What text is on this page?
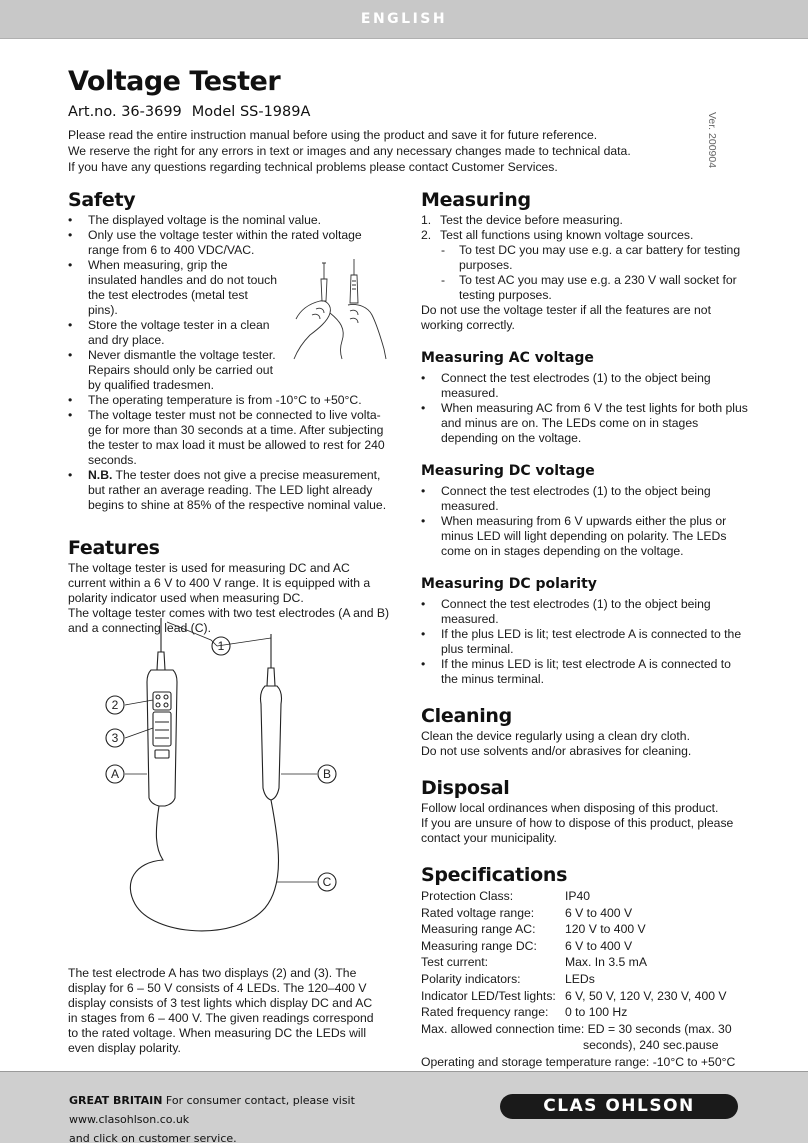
ENGLISH
Ver. 200904
Voltage Tester
Art.no. 36-3699 Model SS-1989A

Please read the entire instruction manual before using the product and save it for future reference.

We reserve the right for any errors in text or images and any necessary changes made to technical data.

If you have any questions regarding technical problems please contact Customer Services.

Safety
• The displayed voltage is the nominal value.
• Only use the voltage tester within the rated voltage range from 6 to 400 VDC/VAC.
• When measuring, grip the insulated handles and do not touch the test electrodes (metal test pins).
• Store the voltage tester in a clean and dry place.
• Never dismantle the voltage tester. Repairs should only be carried out by qualified tradesmen.
• The operating temperature is from -10°C to +50°C.
• The voltage tester must not be connected to live volta-ge for more than 30 seconds at a time. After subjecting the tester to max load it must be allowed to rest for 240 seconds.
• N.B. The tester does not give a precise measurement, but rather an average reading. The LED light already begins to shine at 85% of the respective nominal value.
Features

The voltage tester is used for measuring DC and AC current within a 6 V to 400 V range. It is equipped with a polarity indicator used when measuring DC.

The voltage tester comes with two test electrodes (A and B) and a connecting lead (C).

1
2
3
A	B
C

The test electrode A has two displays (2) and (3). The display for 6 – 50 V consists of 4 LEDs. The 120–400 V display consists of 3 test lights which display DC and AC in stages from 6 – 400 V. The given readings correspond to the rated voltage. When measuring DC the LEDs will even display polarity.

Measuring
1. Test the device before measuring.
2. Test all functions using known voltage sources.
- To test DC you may use e.g. a car battery for testing purposes.
- To test AC you may use e.g. a 230 V wall socket for testing purposes.

Do not use the voltage tester if all the features are not working correctly.

Measuring AC voltage
• Connect the test electrodes (1) to the object being measured.
• When measuring AC from 6 V the test lights for both plus and minus are on. The LEDs come on in stages depending on the voltage.
Measuring DC voltage
• Connect the test electrodes (1) to the object being measured.
• When measuring from 6 V upwards either the plus or minus LED will light depending on polarity. The LEDs come on in stages depending on the voltage.
Measuring DC polarity
• Connect the test electrodes (1) to the object being measured.
• If the plus LED is lit; test electrode A is connected to the plus terminal.
• If the minus LED is lit; test electrode A is connected to the minus terminal.
Cleaning

Clean the device regularly using a clean dry cloth.

Do not use solvents and/or abrasives for cleaning.

Disposal

Follow local ordinances when disposing of this product.

If you are unsure of how to dispose of this product, please contact your municipality.

Specifications
Protection Class:	IP40
Rated voltage range:	6 V to 400 V
Measuring range AC:	120 V to 400 V
Measuring range DC:	6 V to 400 V
Test current:	Max. In 3.5 mA
Polarity indicators:	LEDs
Indicator LED/Test lights: 6 V, 50 V, 120 V, 230 V, 400 V
Rated frequency range:	0 to 100 Hz
Max. allowed connection time: ED = 30 seconds (max. 30
seconds), 240 sec.pause
Operating and storage temperature range: -10°C to +50°C
GREAT BRITAIN For consumer contact, please visit www.clasohlson.co.uk
and click on customer service.
CLAS OHLSON
